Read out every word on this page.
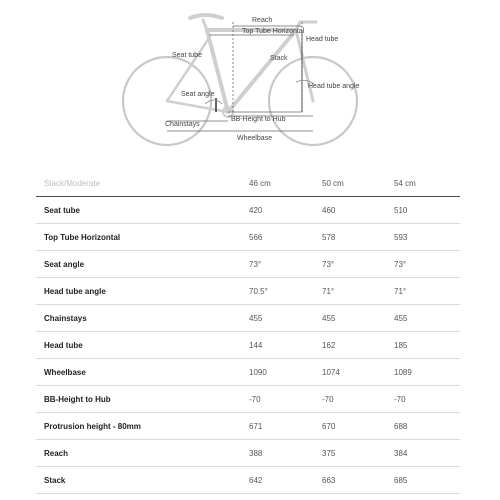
Reach
Top Tube Horizontal
Head tube
Seat tube	Stack
Head tube angle
Seat angle
Chainstays
BB-Height to Hub
Wheelbase
Stack/Moderate	46 cm	50 cm	54 cm
Seat tube	420	460	510
Top Tube Horizontal	566	578	593
Seat angle	73°	73°	73°
Head tube angle	70.5°	71°	71°
Chainstays	455	455	455
Head tube	144	162	185
Wheelbase	1090	1074	1089
BB-Height to Hub	-70	-70	-70
Protrusion height - 80mm	671	670	688
Reach	388	375	384
Stack	642	663	685
